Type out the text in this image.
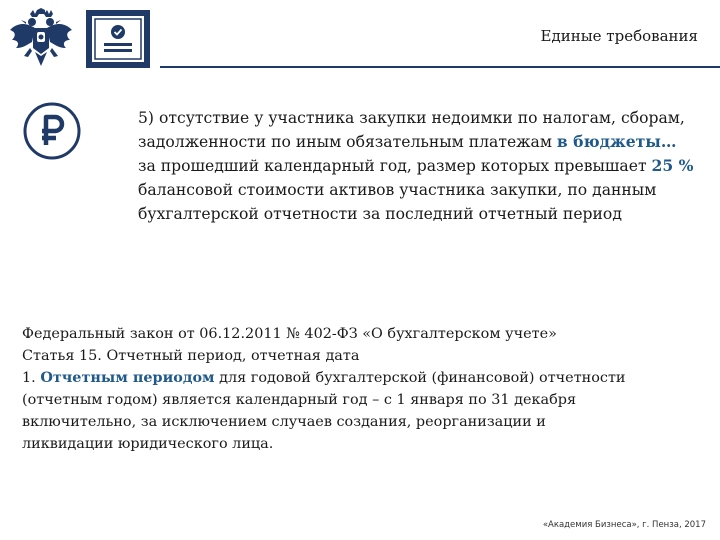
Единые требования

5) отсутствие у участника закупки недоимки по налогам, сборам, задолженности по иным обязательным платежам в бюджеты… за прошедший календарный год, размер которых превышает 25 % балансовой стоимости активов участника закупки, по данным бухгалтерской отчетности за последний отчетный период

Федеральный закон от 06.12.2011 № 402-ФЗ «О бухгалтерском учете»
Статья 15. Отчетный период, отчетная дата
1. Отчетным периодом для годовой бухгалтерской (финансовой) отчетности
(отчетным годом) является календарный год – с 1 января по 31 декабря
включительно, за исключением случаев создания, реорганизации и
ликвидации юридического лица.
«Академия Бизнеса», г. Пенза, 2017
